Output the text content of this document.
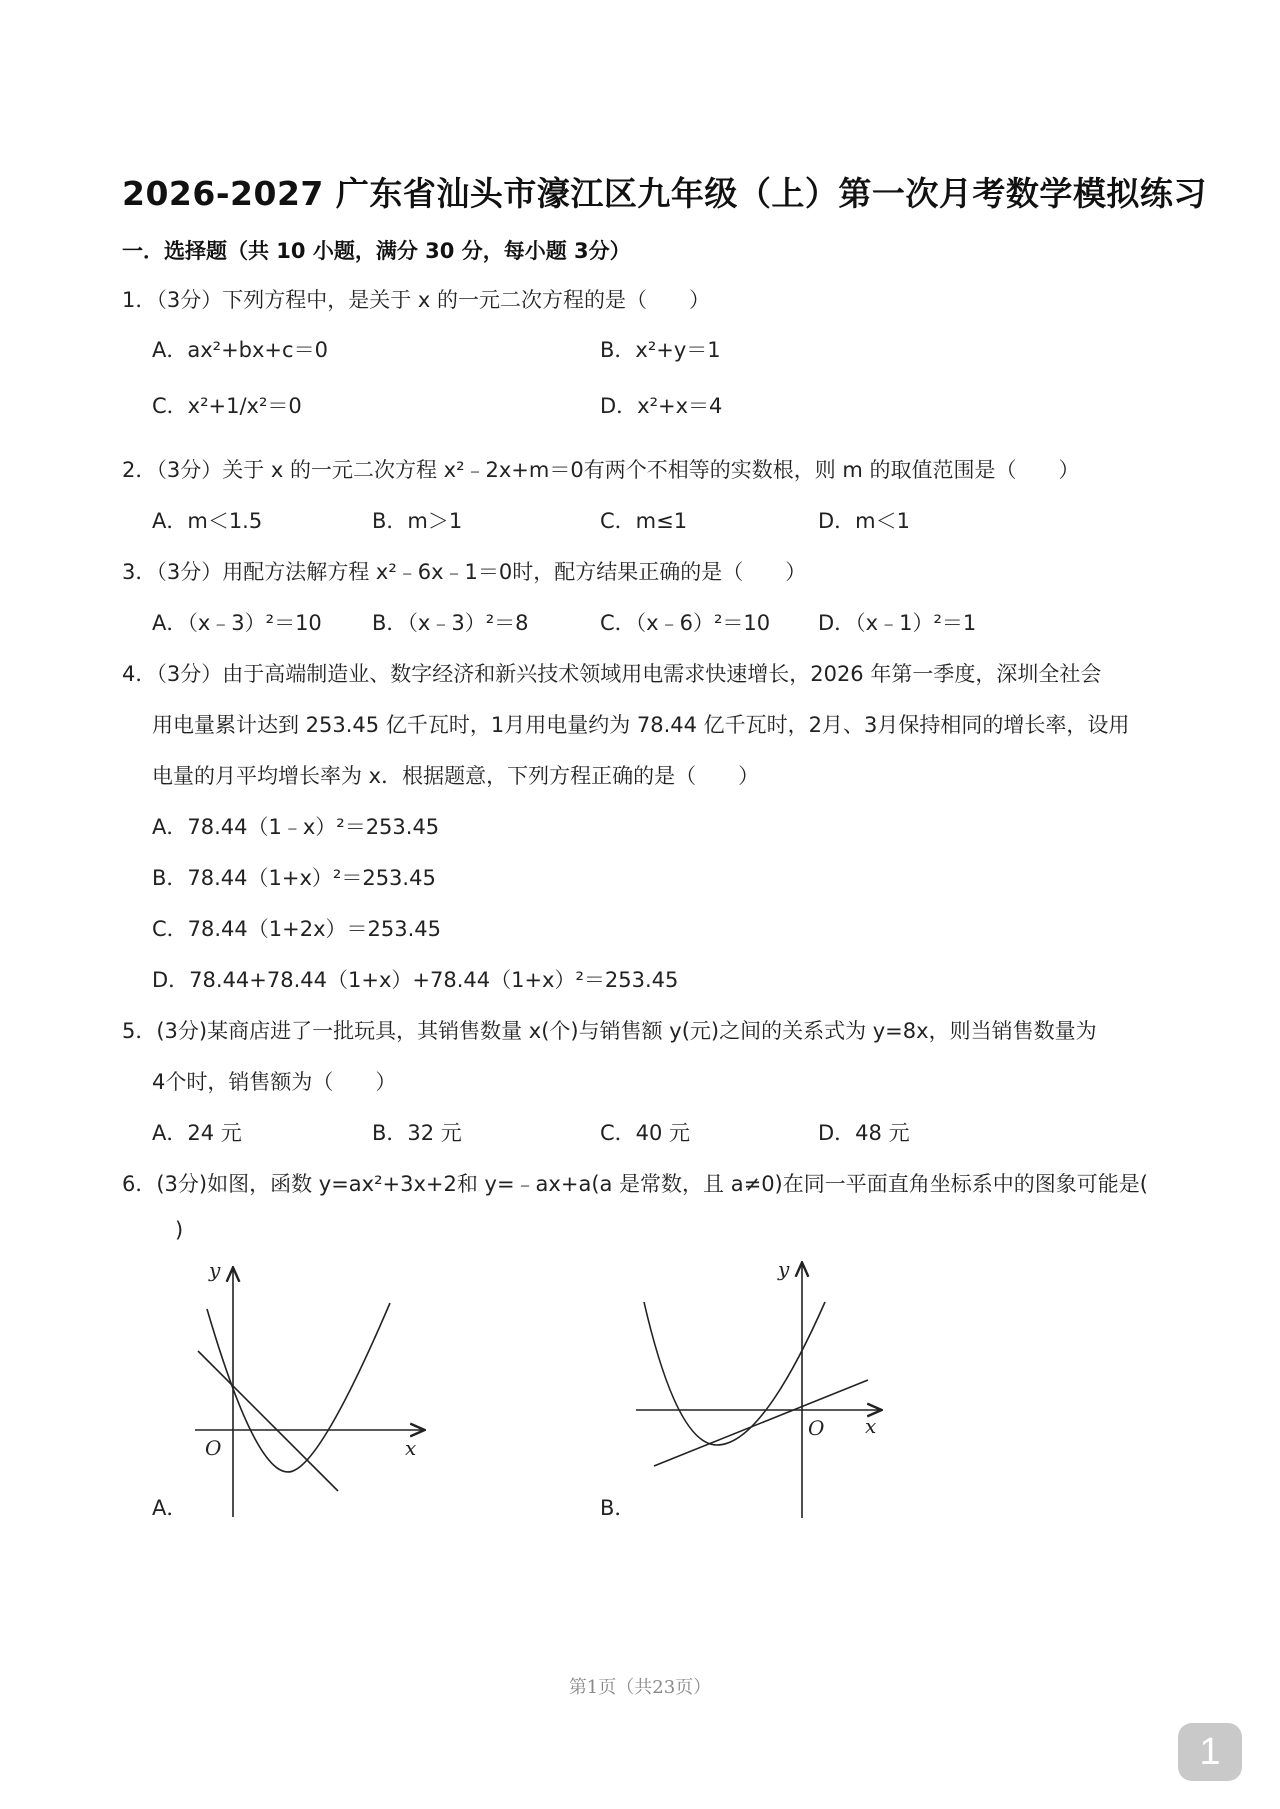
2026-2027 广东省汕头市濠江区九年级（上）第一次月考数学模拟练习
一．选择题（共 10 小题，满分 30 分，每小题 3分）
1．（3分）下列方程中，是关于 x 的一元二次方程的是（　　）
A．ax²+bx+c＝0	B．x²+y＝1
C．x²+1/x²＝0	D．x²+x＝4
2．（3分）关于 x 的一元二次方程 x²﹣2x+m＝0有两个不相等的实数根，则 m 的取值范围是（　　）
A．m＜1.5	B．m＞1	C．m≤1	D．m＜1
3．（3分）用配方法解方程 x²﹣6x﹣1＝0时，配方结果正确的是（　　）
A．（x﹣3）²＝10 B．（x﹣3）²＝8	C．（x﹣6）²＝10 D．（x﹣1）²＝1
4．（3分）由于高端制造业、数字经济和新兴技术领域用电需求快速增长，2026 年第一季度，深圳全社会
用电量累计达到 253.45 亿千瓦时，1月用电量约为 78.44 亿千瓦时，2月、3月保持相同的增长率，设用
电量的月平均增长率为 x．根据题意，下列方程正确的是（　　）
A．78.44（1﹣x）²＝253.45
B．78.44（1+x）²＝253.45
C．78.44（1+2x）＝253.45
D．78.44+78.44（1+x）+78.44（1+x）²＝253.45
5．(3分)某商店进了一批玩具，其销售数量 x(个)与销售额 y(元)之间的关系式为 y=8x，则当销售数量为
4个时，销售额为（　　）
A．24 元	B．32 元	C．40 元	D．48 元
6．(3分)如图，函数 y=ax²+3x+2和 y=﹣ax+a(a 是常数，且 a≠0)在同一平面直角坐标系中的图象可能是(
)
y
x
O
A．
y
x
O
B．
第1页（共23页）
1
